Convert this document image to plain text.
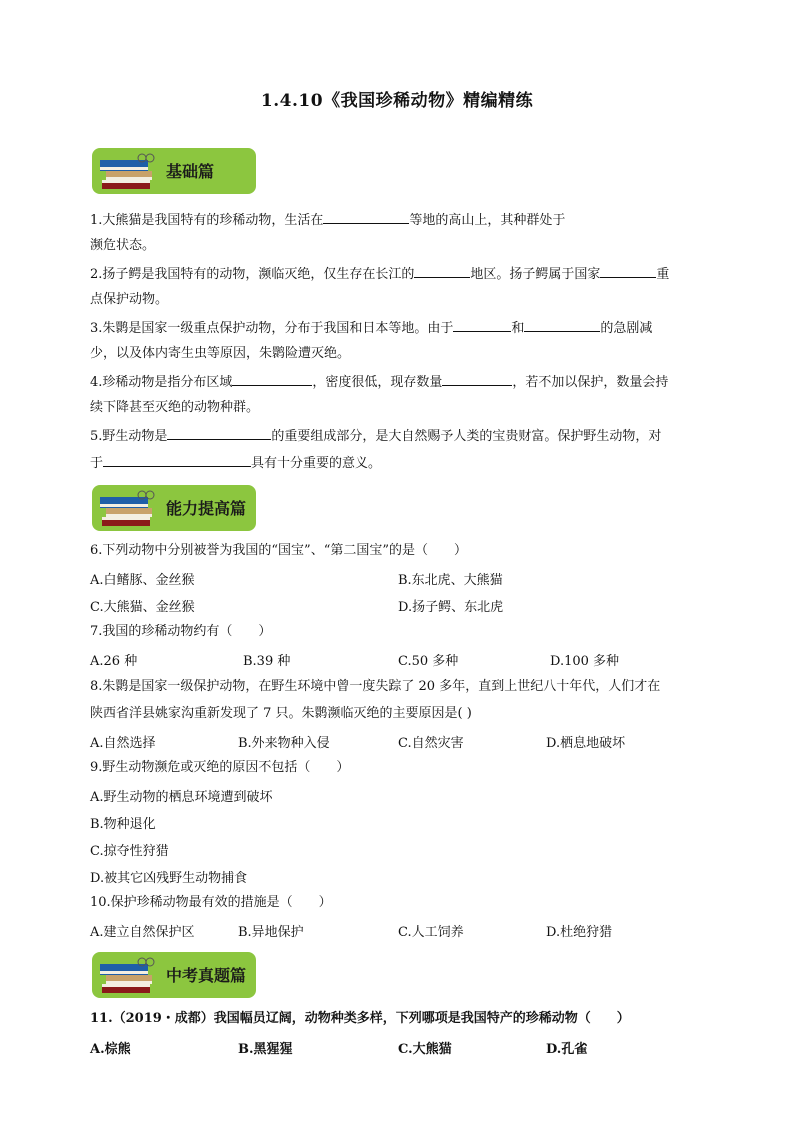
1.4.10《我国珍稀动物》精编精练
基础篇
1.大熊猫是我国特有的珍稀动物，生活在	等地的高山上，其种群处于
濒危状态。
2.扬子鳄是我国特有的动物，濒临灭绝，仅生存在长江的	地区。扬子鳄属于国家	重
点保护动物。
3.朱鹮是国家一级重点保护动物，分布于我国和日本等地。由于	和	的急剧减
少，以及体内寄生虫等原因，朱鹮险遭灭绝。
4.珍稀动物是指分布区域	，密度很低，现存数量	，若不加以保护，数量会持
续下降甚至灭绝的动物种群。
5.野生动物是	的重要组成部分，是大自然赐予人类的宝贵财富。保护野生动物，对
于	具有十分重要的意义。
能力提高篇
6.下列动物中分别被誉为我国的“国宝”、“第二国宝”的是（　　）
A.白鳍豚、金丝猴	B.东北虎、大熊猫
C.大熊猫、金丝猴	D.扬子鳄、东北虎
7.我国的珍稀动物约有（　　）
A.26 种	B.39 种	C.50 多种	D.100 多种
8.朱鹮是国家一级保护动物，在野生环境中曾一度失踪了 20 多年，直到上世纪八十年代，人们才在
陕西省洋县姚家沟重新发现了 7 只。朱鹮濒临灭绝的主要原因是( )
A.自然选择	B.外来物种入侵	C.自然灾害	D.栖息地破坏
9.野生动物濒危或灭绝的原因不包括（　　）
A.野生动物的栖息环境遭到破坏
B.物种退化
C.掠夺性狩猎
D.被其它凶残野生动物捕食
10.保护珍稀动物最有效的措施是（　　）
A.建立自然保护区	B.异地保护	C.人工饲养	D.杜绝狩猎
中考真题篇
11.（2019・成都）我国幅员辽阔，动物种类多样，下列哪项是我国特产的珍稀动物（　　）
A.棕熊	B.黑猩猩	C.大熊猫	D.孔雀
